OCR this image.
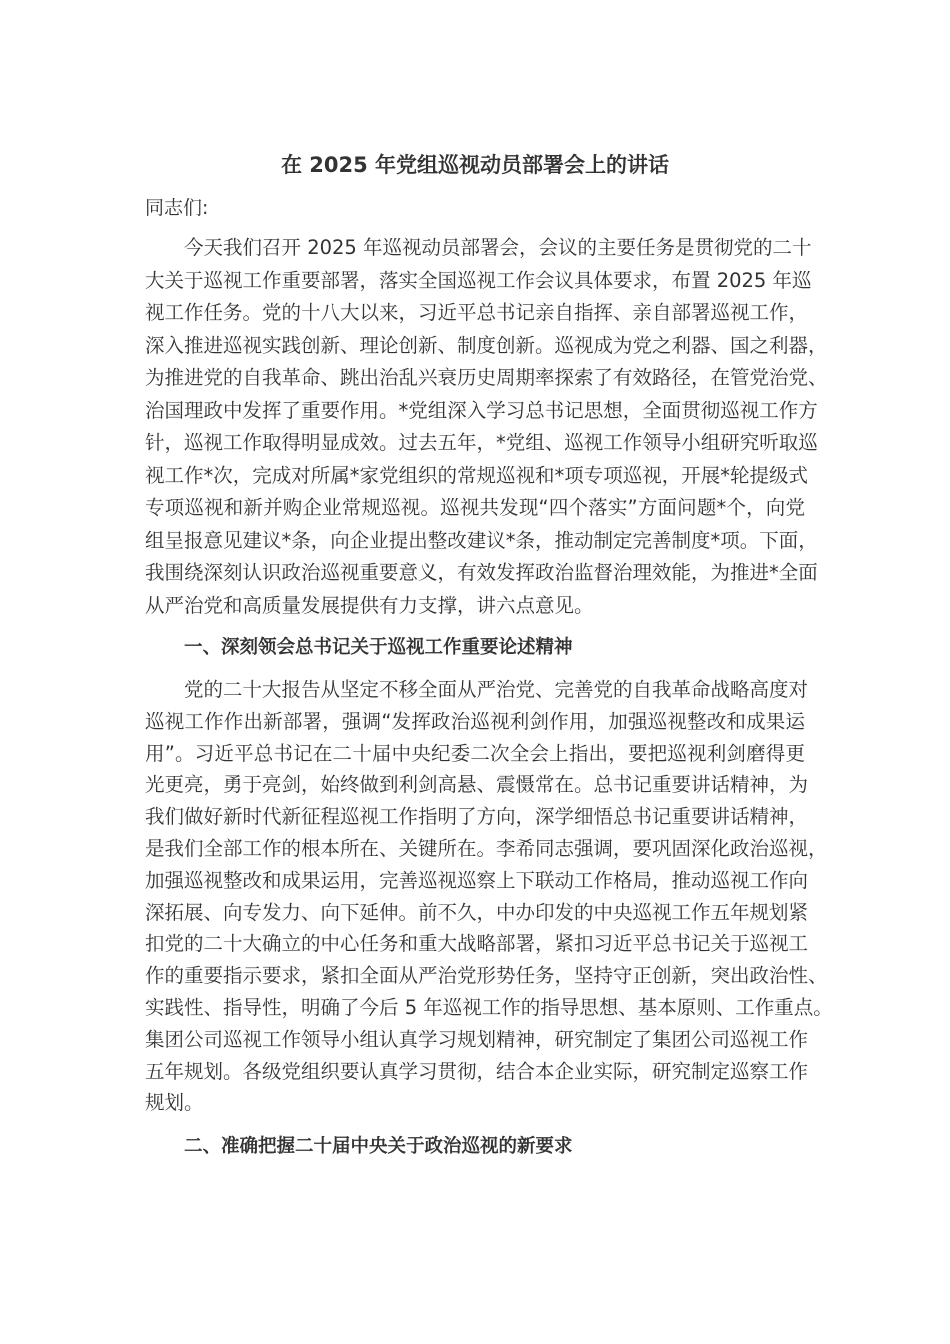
在 2025 年党组巡视动员部署会上的讲话
同志们:
今天我们召开 2025 年巡视动员部署会，会议的主要任务是贯彻党的二十
大关于巡视工作重要部署，落实全国巡视工作会议具体要求，布置 2025 年巡
视工作任务。党的十八大以来，习近平总书记亲自指挥、亲自部署巡视工作，
深入推进巡视实践创新、理论创新、制度创新。巡视成为党之利器、国之利器，
为推进党的自我革命、跳出治乱兴衰历史周期率探索了有效路径，在管党治党、
治国理政中发挥了重要作用。*党组深入学习总书记思想，全面贯彻巡视工作方
针，巡视工作取得明显成效。过去五年，*党组、巡视工作领导小组研究听取巡
视工作*次，完成对所属*家党组织的常规巡视和*项专项巡视，开展*轮提级式
专项巡视和新并购企业常规巡视。巡视共发现“四个落实”方面问题*个，向党
组呈报意见建议*条，向企业提出整改建议*条，推动制定完善制度*项。下面，
我围绕深刻认识政治巡视重要意义，有效发挥政治监督治理效能，为推进*全面
从严治党和高质量发展提供有力支撑，讲六点意见。
一、深刻领会总书记关于巡视工作重要论述精神
党的二十大报告从坚定不移全面从严治党、完善党的自我革命战略高度对
巡视工作作出新部署，强调“发挥政治巡视利剑作用，加强巡视整改和成果运
用”。习近平总书记在二十届中央纪委二次全会上指出，要把巡视利剑磨得更
光更亮，勇于亮剑，始终做到利剑高悬、震慑常在。总书记重要讲话精神，为
我们做好新时代新征程巡视工作指明了方向，深学细悟总书记重要讲话精神，
是我们全部工作的根本所在、关键所在。李希同志强调，要巩固深化政治巡视，
加强巡视整改和成果运用，完善巡视巡察上下联动工作格局，推动巡视工作向
深拓展、向专发力、向下延伸。前不久，中办印发的中央巡视工作五年规划紧
扣党的二十大确立的中心任务和重大战略部署，紧扣习近平总书记关于巡视工
作的重要指示要求，紧扣全面从严治党形势任务，坚持守正创新，突出政治性、
实践性、指导性，明确了今后 5 年巡视工作的指导思想、基本原则、工作重点。
集团公司巡视工作领导小组认真学习规划精神，研究制定了集团公司巡视工作
五年规划。各级党组织要认真学习贯彻，结合本企业实际，研究制定巡察工作
规划。
二、准确把握二十届中央关于政治巡视的新要求
